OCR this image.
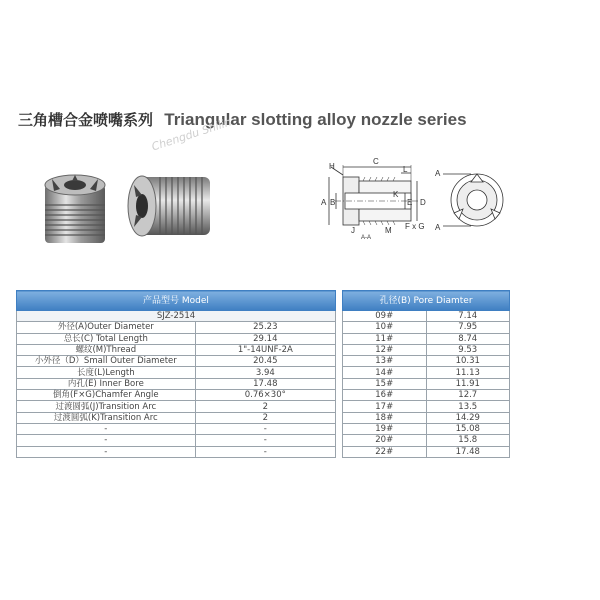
三角槽合金喷嘴系列 Triangular slotting alloy nozzle series
Chengdu Shilin
H
C
L
A B
K
E D
J	M F x G
A-A
A
A
产品型号 Model	
SJZ-2514	
外径(A)Outer Diameter	25.23
总长(C) Total Length	29.14
螺纹(M)Thread	1"-14UNF-2A
小外径（D）Small Outer Diameter	20.45
长度(L)Length	3.94
内孔(E) Inner Bore	17.48
倒角(F×G)Chamfer Angle	0.76×30°
过渡圆弧(J)Transition Arc	2
过渡圆弧(K)Transition Arc	2
-	-
-	-
-	-
孔径(B) Pore Diamter	
09#	7.14
10#	7.95
11#	8.74
12#	9.53
13#	10.31
14#	11.13
15#	11.91
16#	12.7
17#	13.5
18#	14.29
19#	15.08
20#	15.8
22#	17.48
